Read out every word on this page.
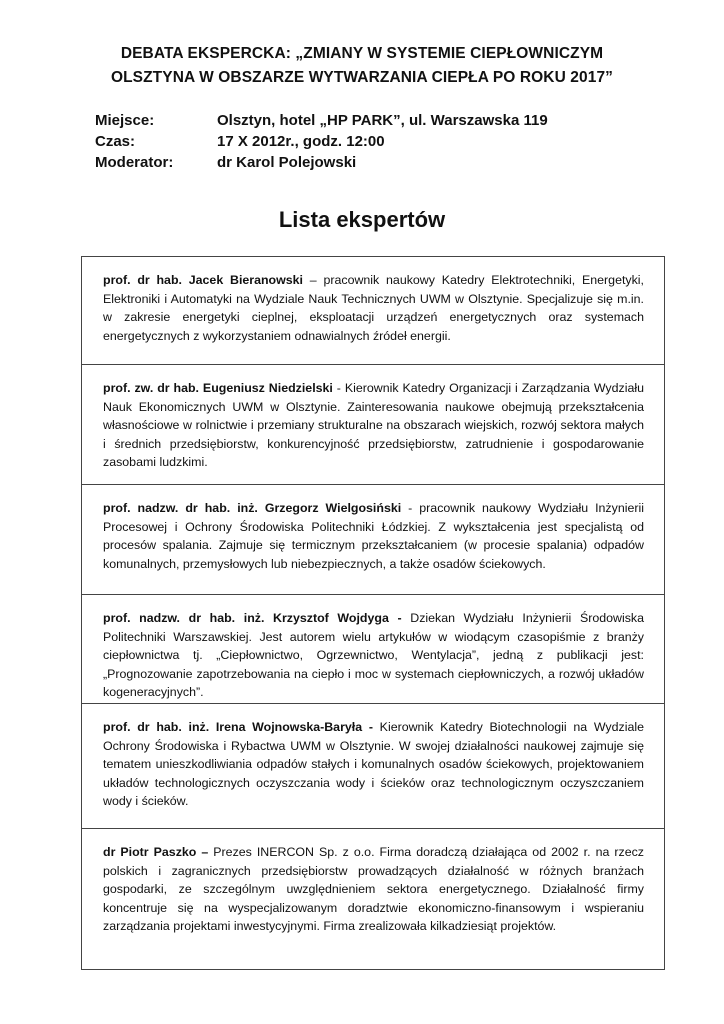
DEBATA EKSPERCKA: „ZMIANY W SYSTEMIE CIEPŁOWNICZYM
OLSZTYNA W OBSZARZE WYTWARZANIA CIEPŁA PO ROKU 2017”
Miejsce:	Olsztyn, hotel „HP PARK”, ul. Warszawska 119
Czas:	17 X 2012r., godz. 12:00
Moderator:	dr Karol Polejowski
Lista ekspertów

prof. dr hab. Jacek Bieranowski – pracownik naukowy Katedry Elektrotechniki, Energetyki, Elektroniki i Automatyki na Wydziale Nauk Technicznych UWM w Olsztynie. Specjalizuje się m.in. w zakresie energetyki cieplnej, eksploatacji urządzeń energetycznych oraz systemach energetycznych z wykorzystaniem odnawialnych źródeł energii.

prof. zw. dr hab. Eugeniusz Niedzielski - Kierownik Katedry Organizacji i Zarządzania Wydziału Nauk Ekonomicznych UWM w Olsztynie. Zainteresowania naukowe obejmują przekształcenia własnościowe w rolnictwie i przemiany strukturalne na obszarach wiejskich, rozwój sektora małych i średnich przedsiębiorstw, konkurencyjność przedsiębiorstw, zatrudnienie i gospodarowanie zasobami ludzkimi.

prof. nadzw. dr hab. inż. Grzegorz Wielgosiński - pracownik naukowy Wydziału Inżynierii Procesowej i Ochrony Środowiska Politechniki Łódzkiej. Z wykształcenia jest specjalistą od procesów spalania. Zajmuje się termicznym przekształcaniem (w procesie spalania) odpadów komunalnych, przemysłowych lub niebezpiecznych, a także osadów ściekowych.

prof. nadzw. dr hab. inż. Krzysztof Wojdyga - Dziekan Wydziału Inżynierii Środowiska Politechniki Warszawskiej. Jest autorem wielu artykułów w wiodącym czasopiśmie z branży ciepłownictwa tj. „Ciepłownictwo, Ogrzewnictwo, Wentylacja”, jedną z publikacji jest: „Prognozowanie zapotrzebowania na ciepło i moc w systemach ciepłowniczych, a rozwój układów kogeneracyjnych”.

prof. dr hab. inż. Irena Wojnowska-Baryła - Kierownik Katedry Biotechnologii na Wydziale Ochrony Środowiska i Rybactwa UWM w Olsztynie. W swojej działalności naukowej zajmuje się tematem unieszkodliwiania odpadów stałych i komunalnych osadów ściekowych, projektowaniem układów technologicznych oczyszczania wody i ścieków oraz technologicznym oczyszczaniem wody i ścieków.

dr Piotr Paszko – Prezes INERCON Sp. z o.o. Firma doradczą działająca od 2002 r. na rzecz polskich i zagranicznych przedsiębiorstw prowadzących działalność w różnych branżach gospodarki, ze szczególnym uwzględnieniem sektora energetycznego. Działalność firmy koncentruje się na wyspecjalizowanym doradztwie ekonomiczno-finansowym i wspieraniu zarządzania projektami inwestycyjnymi. Firma zrealizowała kilkadziesiąt projektów.
